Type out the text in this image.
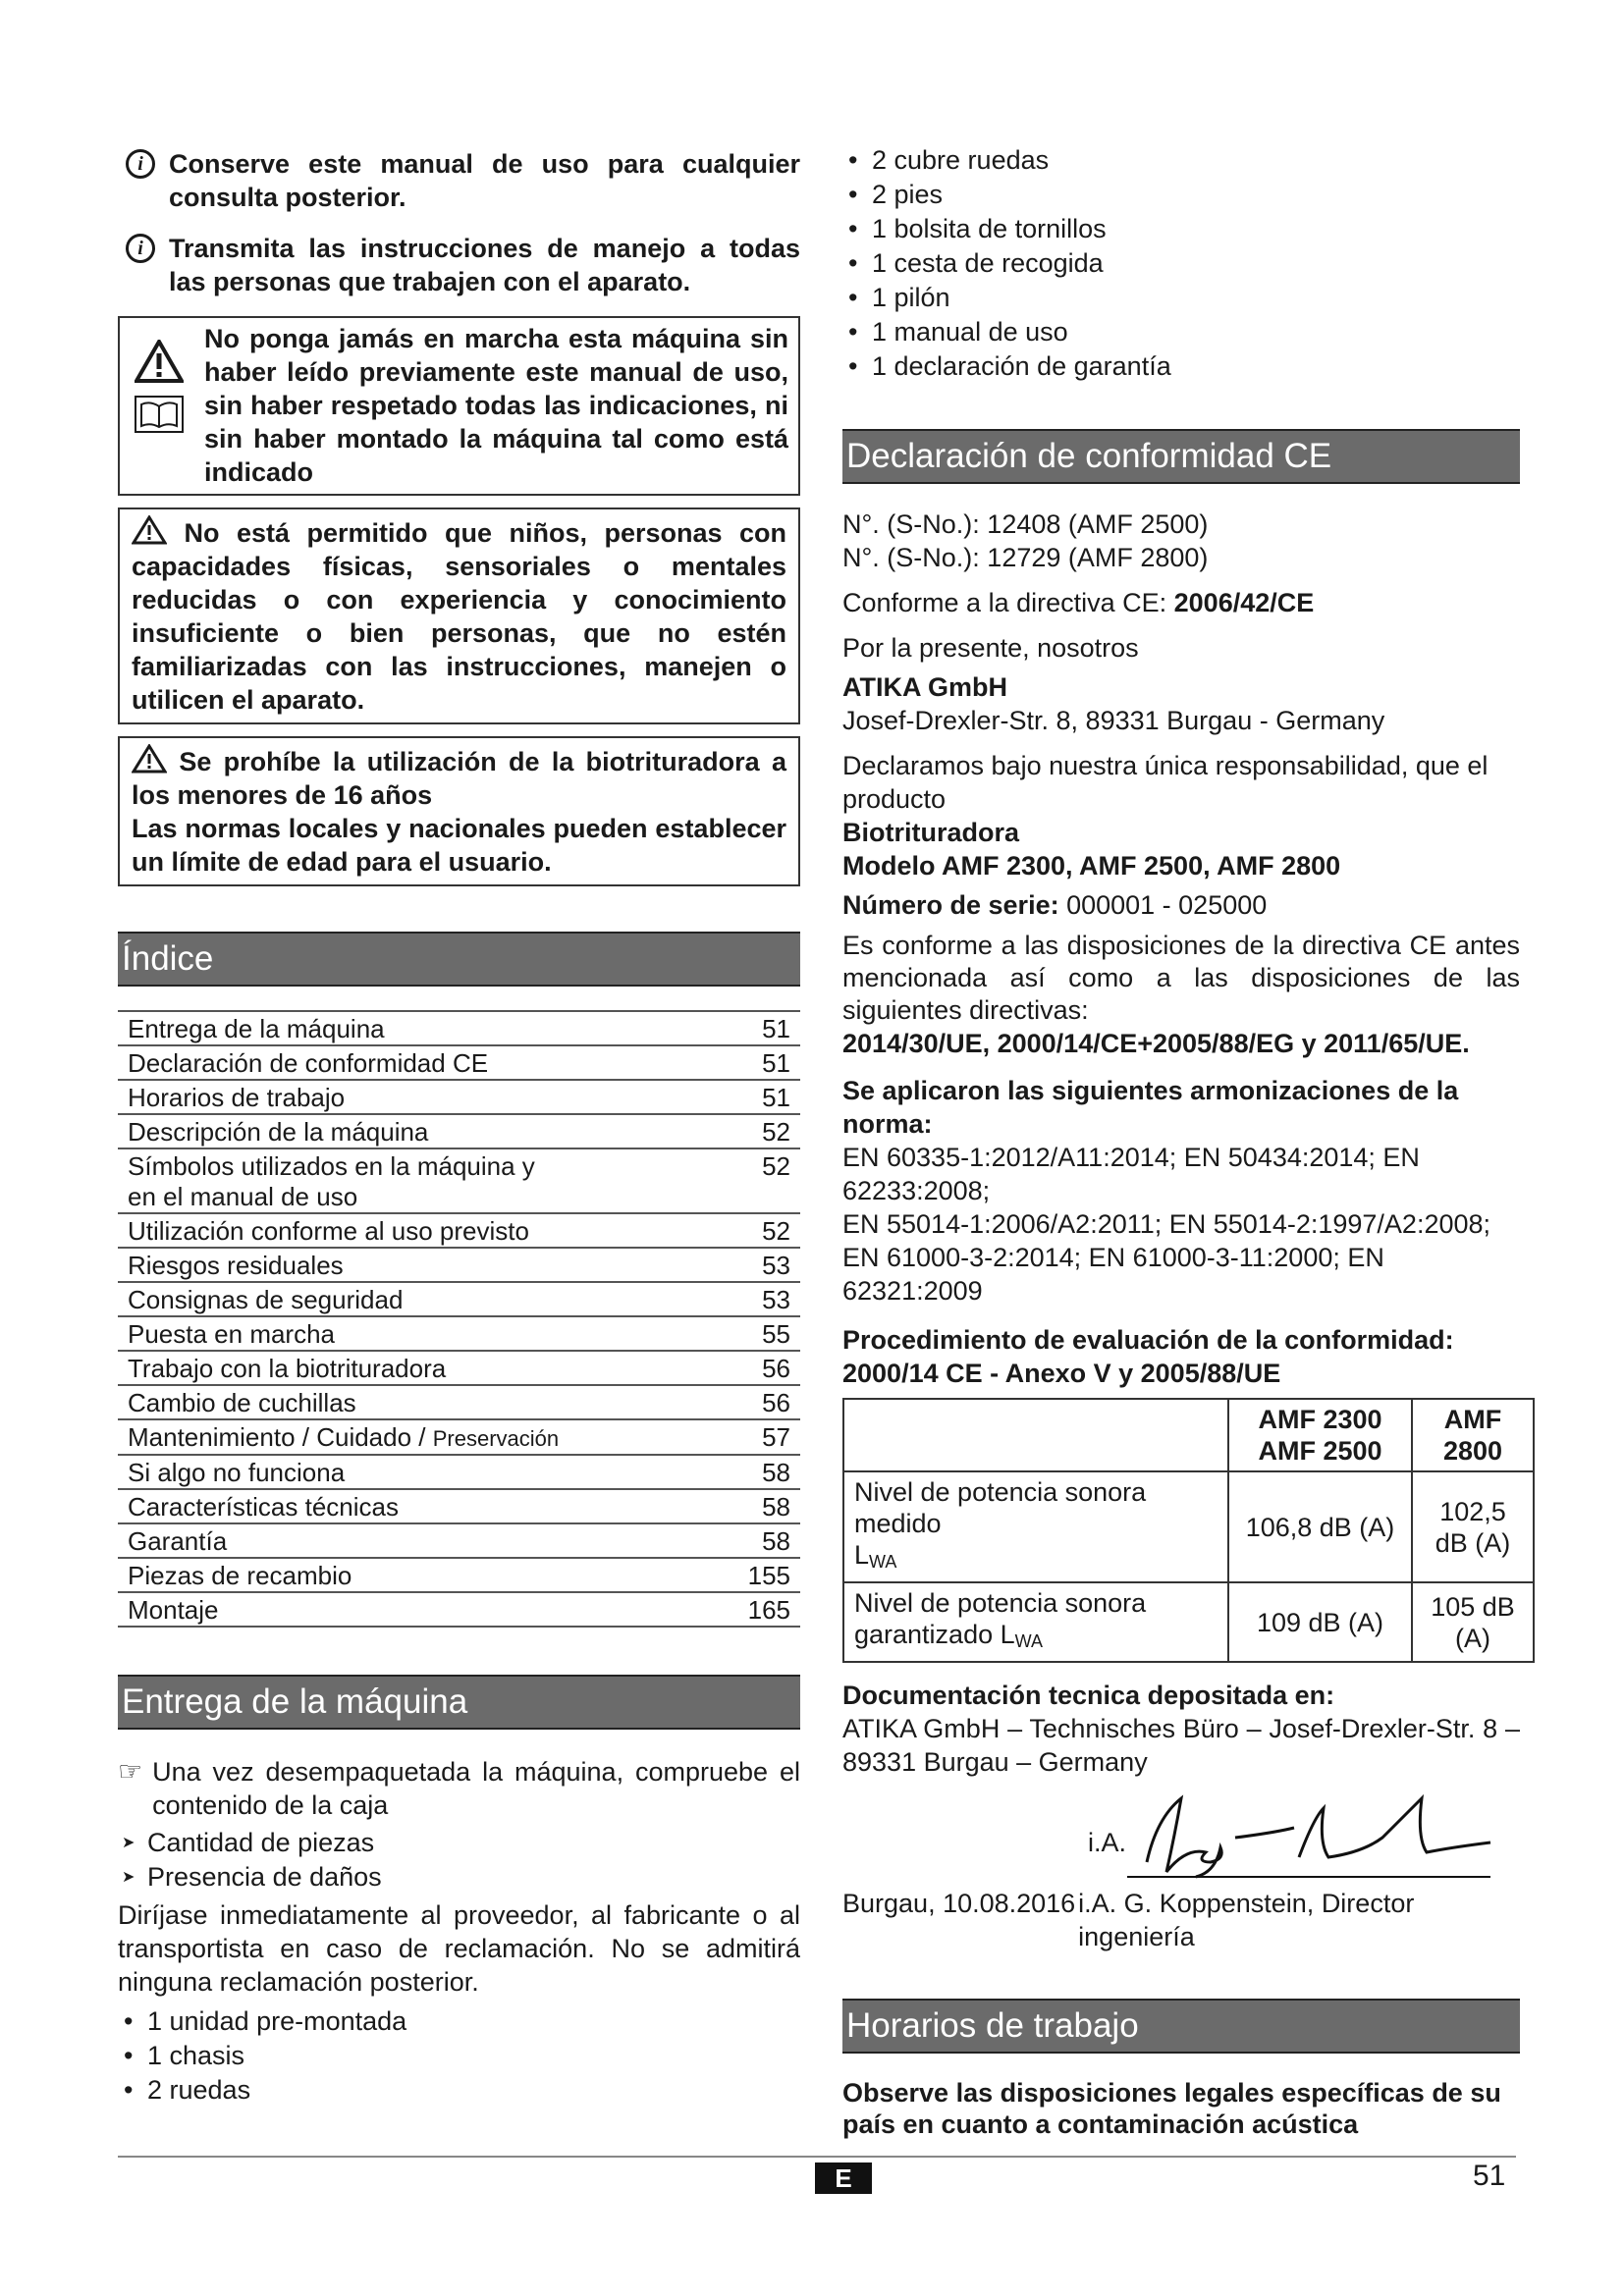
i Conserve este manual de uso para cualquier consulta posterior.
i Transmita las instrucciones de manejo a todas las personas que trabajen con el aparato.
No ponga jamás en marcha esta máquina sin haber leído previamente este manual de uso, sin haber respetado todas las indicaciones, ni sin haber montado la máquina tal como está indicado
No está permitido que niños, personas con capacidades físicas, sensoriales o mentales reducidas o con experiencia y conocimiento insuficiente o bien personas, que no estén familiarizadas con las instrucciones, manejen o utilicen el aparato.
Se prohíbe la utilización de la biotrituradora a los menores de 16 años
Las normas locales y nacionales pueden establecer un límite de edad para el usuario.
Índice
Entrega de la máquina	51
Declaración de conformidad CE	51
Horarios de trabajo	51
Descripción de la máquina	52
Símbolos utilizados en la máquina y
en el manual de uso	52
Utilización conforme al uso previsto	52
Riesgos residuales	53
Consignas de seguridad	53
Puesta en marcha	55
Trabajo con la biotrituradora	56
Cambio de cuchillas	56
Mantenimiento / Cuidado / Preservación	57
Si algo no funciona	58
Características técnicas	58
Garantía	58
Piezas de recambio	155
Montaje	165
Entrega de la máquina
☞ Una vez desempaquetada la máquina, compruebe el contenido de la caja
➤ Cantidad de piezas
➤ Presencia de daños
Diríjase inmediatamente al proveedor, al fabricante o al transportista en caso de reclamación. No se admitirá ninguna reclamación posterior.
• 1 unidad pre-montada
• 1 chasis
• 2 ruedas
• 2 cubre ruedas
• 2 pies
• 1 bolsita de tornillos
• 1 cesta de recogida
• 1 pilón
• 1 manual de uso
• 1 declaración de garantía
Declaración de conformidad CE
N°. (S-No.): 12408 (AMF 2500)
N°. (S-No.): 12729 (AMF 2800)
Conforme a la directiva CE: 2006/42/CE
Por la presente, nosotros
ATIKA GmbH
Josef-Drexler-Str. 8, 89331 Burgau - Germany
Declaramos bajo nuestra única responsabilidad, que el producto
Biotrituradora
Modelo AMF 2300, AMF 2500, AMF 2800
Número de serie: 000001 - 025000
Es conforme a las disposiciones de la directiva CE antes mencionada así como a las disposiciones de las siguientes directivas:
2014/30/UE, 2000/14/CE+2005/88/EG y 2011/65/UE.
Se aplicaron las siguientes armonizaciones de la norma:
EN 60335-1:2012/A11:2014; EN 50434:2014; EN 62233:2008;
EN 55014-1:2006/A2:2011; EN 55014-2:1997/A2:2008;
EN 61000-3-2:2014; EN 61000-3-11:2000; EN 62321:2009
Procedimiento de evaluación de la conformidad:
2000/14 CE - Anexo V y 2005/88/UE
	AMF 2300
AMF 2500	AMF 2800
Nivel de potencia sonora medido
$L_{WA}$	106,8 dB (A)	102,5 dB (A)
Nivel de potencia sonora
garantizado $L_{WA}$	109 dB (A)	105 dB (A)
Documentación tecnica depositada en:
ATIKA GmbH – Technisches Büro – Josef-Drexler-Str. 8 – 89331 Burgau – Germany
i.A.
Burgau, 10.08.2016 i.A. G. Koppenstein, Director ingeniería
Horarios de trabajo
Observe las disposiciones legales específicas de su país en cuanto a contaminación acústica
E	51
